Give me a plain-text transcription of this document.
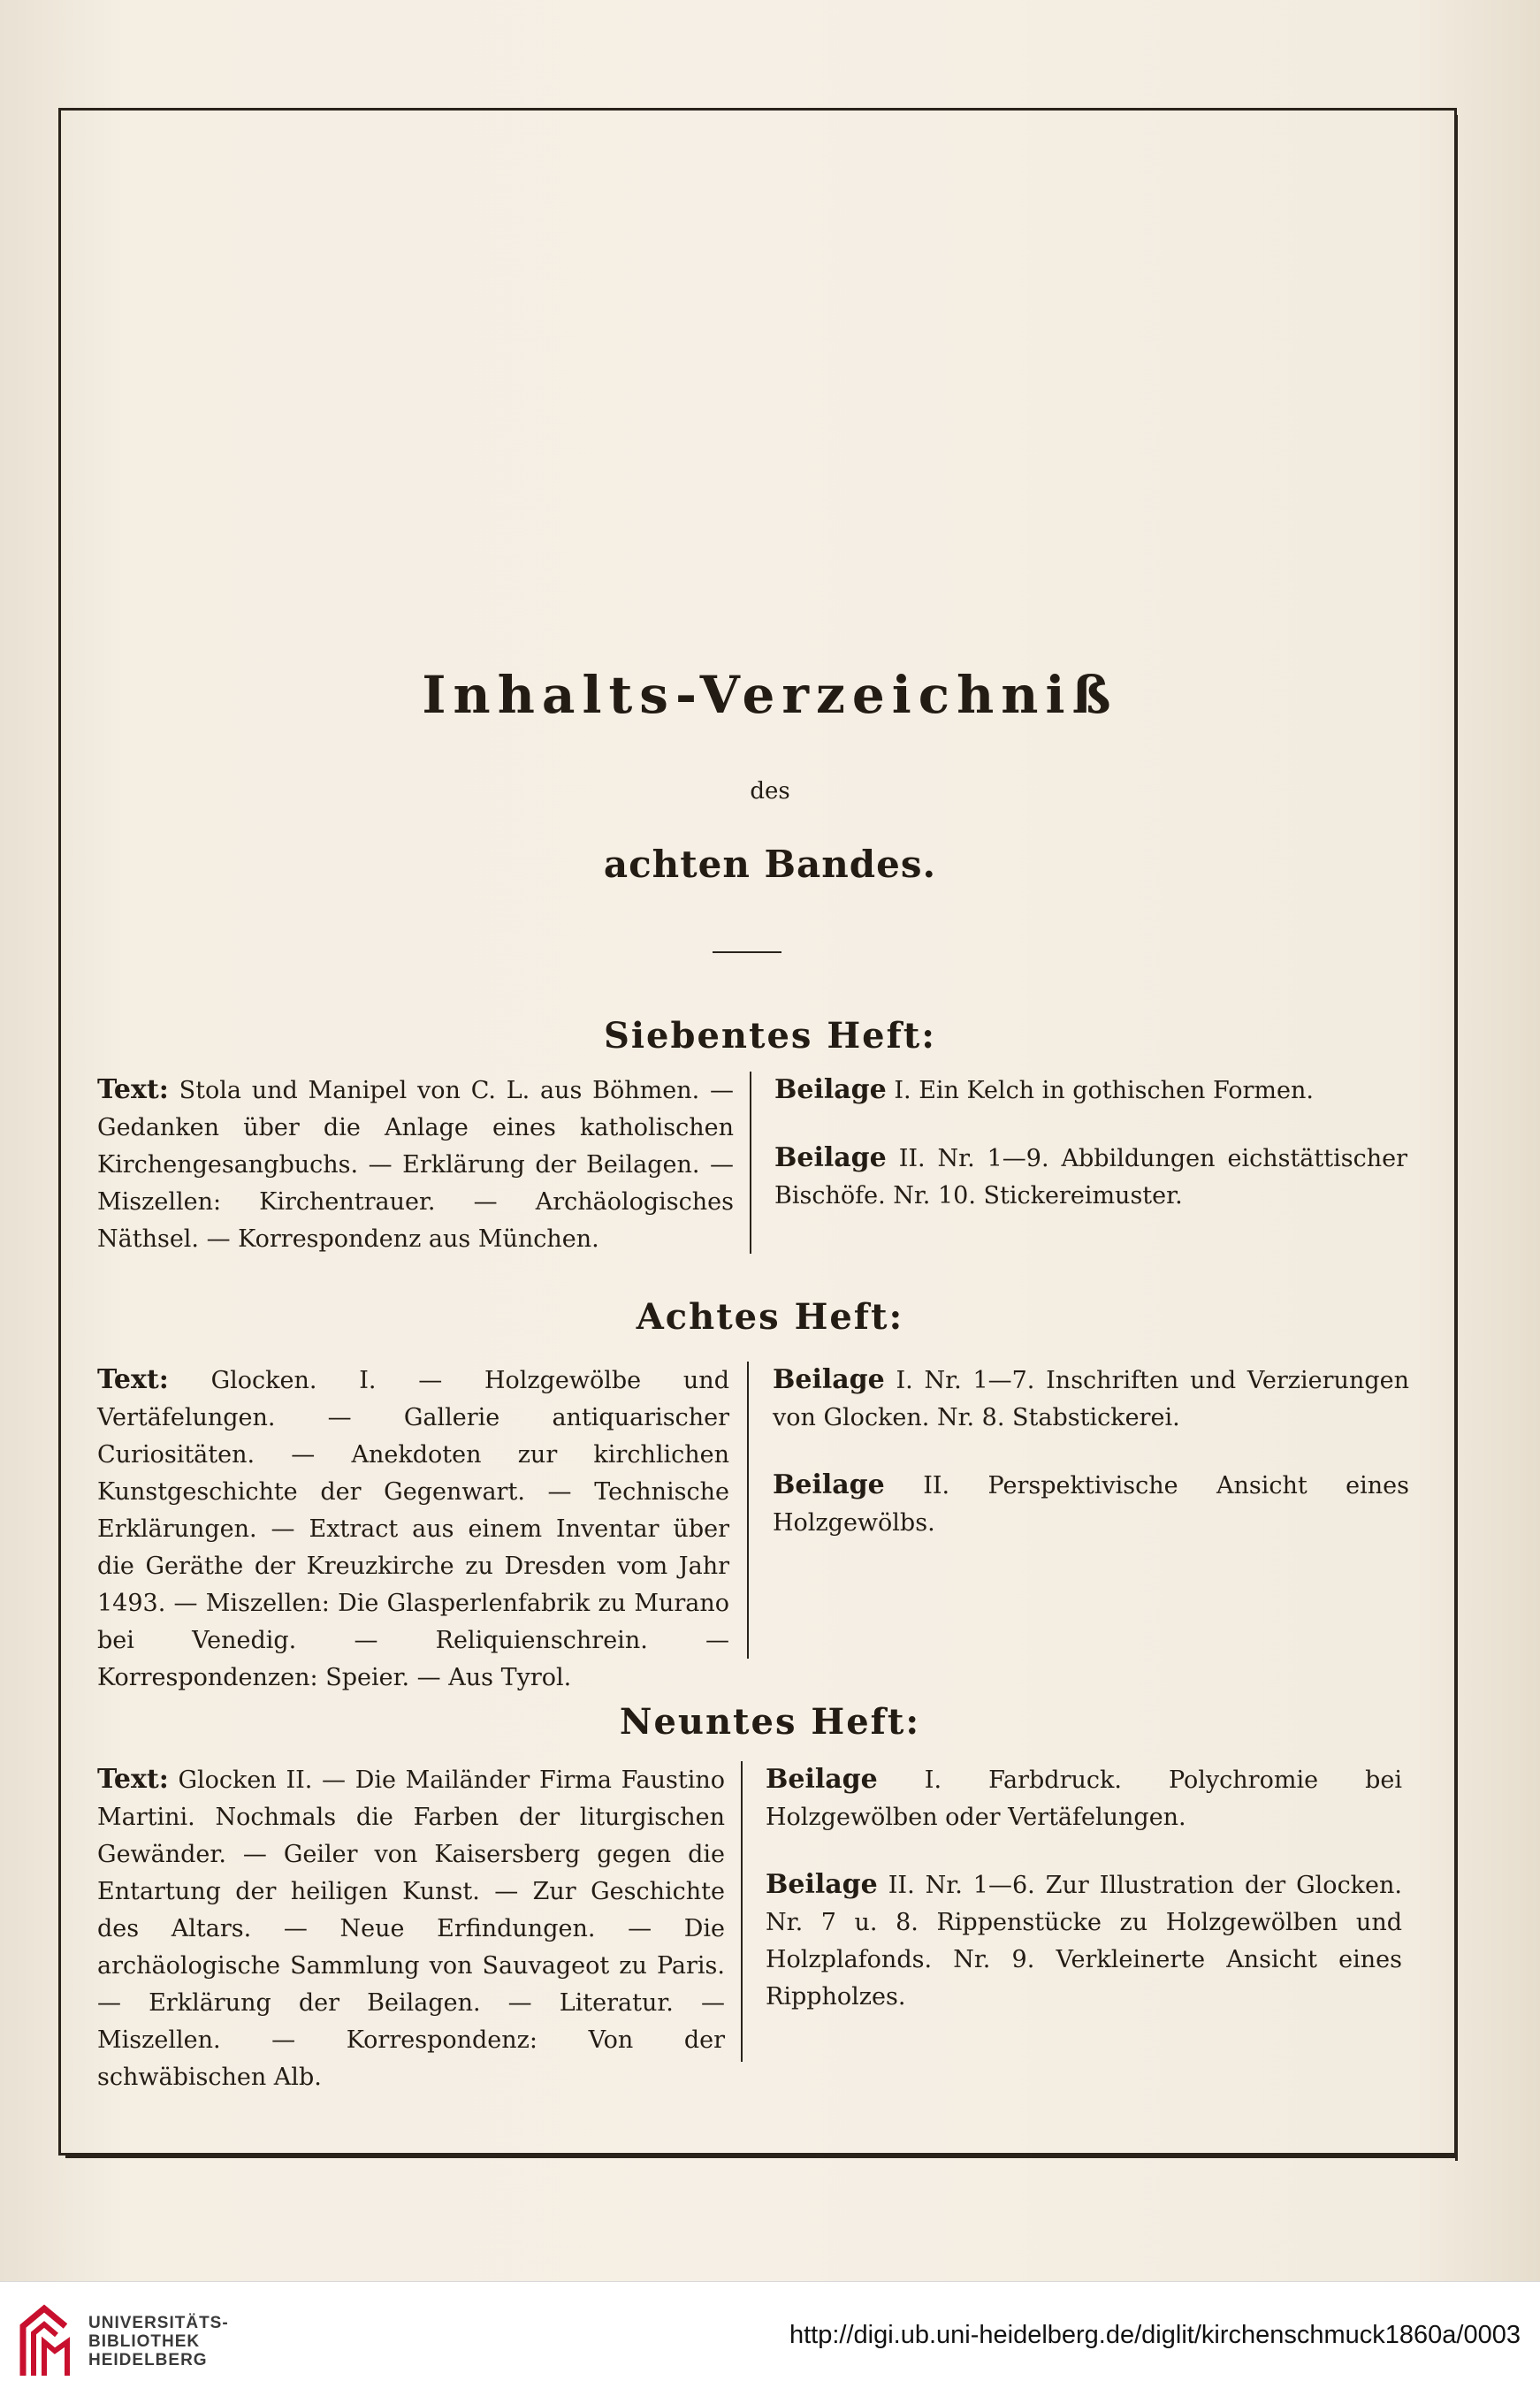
Inhalts-Verzeichniß
des
achten Bandes.
Siebentes Heft:

Text: Stola und Manipel von C. L. aus Böhmen. — Gedanken über die Anlage eines katholischen Kirchengesangbuchs. — Erklärung der Beilagen. — Miszellen: Kirchentrauer. — Archäologisches Näthsel. — Korrespondenz aus München.

Beilage I. Ein Kelch in gothischen Formen.

Beilage II. Nr. 1—9. Abbildungen eichstättischer Bischöfe. Nr. 10. Stickereimuster.

Achtes Heft:

Text: Glocken. I. — Holzgewölbe und Vertäfelungen. — Gallerie antiquarischer Curiositäten. — Anekdoten zur kirchlichen Kunstgeschichte der Gegenwart. — Technische Erklärungen. — Extract aus einem Inventar über die Geräthe der Kreuzkirche zu Dresden vom Jahr 1493. — Miszellen: Die Glasperlenfabrik zu Murano bei Venedig. — Reliquienschrein. — Korrespondenzen: Speier. — Aus Tyrol.

Beilage I. Nr. 1—7. Inschriften und Verzierungen von Glocken. Nr. 8. Stabstickerei.

Beilage II. Perspektivische Ansicht eines Holzgewölbs.

Neuntes Heft:

Text: Glocken II. — Die Mailänder Firma Faustino Martini. Nochmals die Farben der liturgischen Gewänder. — Geiler von Kaisersberg gegen die Entartung der heiligen Kunst. — Zur Geschichte des Altars. — Neue Erfindungen. — Die archäologische Sammlung von Sauvageot zu Paris. — Erklärung der Beilagen. — Literatur. — Miszellen. — Korrespondenz: Von der schwäbischen Alb.

Beilage I. Farbdruck. Polychromie bei Holzgewölben oder Vertäfelungen.

Beilage II. Nr. 1—6. Zur Illustration der Glocken. Nr. 7 u. 8. Rippenstücke zu Holzgewölben und Holzplafonds. Nr. 9. Verkleinerte Ansicht eines Rippholzes.

UNIVERSITÄTS-
BIBLIOTHEK
HEIDELBERG
http://digi.ub.uni-heidelberg.de/diglit/kirchenschmuck1860a/0003
